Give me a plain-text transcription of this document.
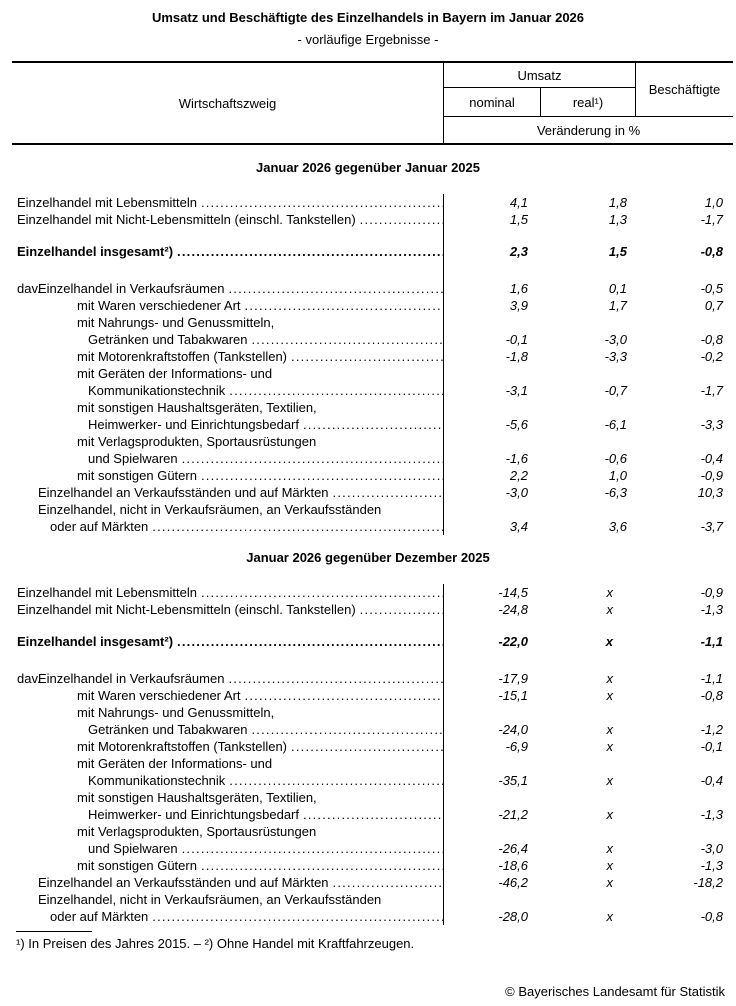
Umsatz und Beschäftigte des Einzelhandels in Bayern im Januar 2026
- vorläufige Ergebnisse -
Wirtschaftszweig
Umsatz
Beschäftigte
nominal	real¹)
Veränderung in %
Januar 2026 gegenüber Januar 2025
Einzelhandel mit Lebensmitteln .....	4,1	1,8	1,0
Einzelhandel mit Nicht-Lebensmitteln (einschl. Tankstellen) .....	1,5	1,3	-1,7
Einzelhandel insgesamt²) .....	2,3	1,5	-0,8
dav.
Einzelhandel in Verkaufsräumen .....	1,6	0,1	-0,5
mit Waren verschiedener Art .....	3,9	1,7	0,7
mit Nahrungs- und Genussmitteln,
Getränken und Tabakwaren .....	-0,1	-3,0	-0,8
mit Motorenkraftstoffen (Tankstellen) .....	-1,8	-3,3	-0,2
mit Geräten der Informations- und
Kommunikationstechnik .....	-3,1	-0,7	-1,7
mit sonstigen Haushaltsgeräten, Textilien,
Heimwerker- und Einrichtungsbedarf .....	-5,6	-6,1	-3,3
mit Verlagsprodukten, Sportausrüstungen
und Spielwaren .....	-1,6	-0,6	-0,4
mit sonstigen Gütern .....	2,2	1,0	-0,9
Einzelhandel an Verkaufsständen und auf Märkten .....	-3,0	-6,3	10,3
Einzelhandel, nicht in Verkaufsräumen, an Verkaufsständen
oder auf Märkten .....	3,4	3,6	-3,7
Januar 2026 gegenüber Dezember 2025
Einzelhandel mit Lebensmitteln .....	-14,5	x	-0,9
Einzelhandel mit Nicht-Lebensmitteln (einschl. Tankstellen) .....	-24,8	x	-1,3
Einzelhandel insgesamt²) .....	-22,0	x	-1,1
dav.
Einzelhandel in Verkaufsräumen .....	-17,9	x	-1,1
mit Waren verschiedener Art .....	-15,1	x	-0,8
mit Nahrungs- und Genussmitteln,
Getränken und Tabakwaren .....	-24,0	x	-1,2
mit Motorenkraftstoffen (Tankstellen) .....	-6,9	x	-0,1
mit Geräten der Informations- und
Kommunikationstechnik .....	-35,1	x	-0,4
mit sonstigen Haushaltsgeräten, Textilien,
Heimwerker- und Einrichtungsbedarf .....	-21,2	x	-1,3
mit Verlagsprodukten, Sportausrüstungen
und Spielwaren .....	-26,4	x	-3,0
mit sonstigen Gütern .....	-18,6	x	-1,3
Einzelhandel an Verkaufsständen und auf Märkten .....	-46,2	x	-18,2
Einzelhandel, nicht in Verkaufsräumen, an Verkaufsständen
oder auf Märkten .....	-28,0	x	-0,8
¹) In Preisen des Jahres 2015. – ²) Ohne Handel mit Kraftfahrzeugen.
© Bayerisches Landesamt für Statistik
